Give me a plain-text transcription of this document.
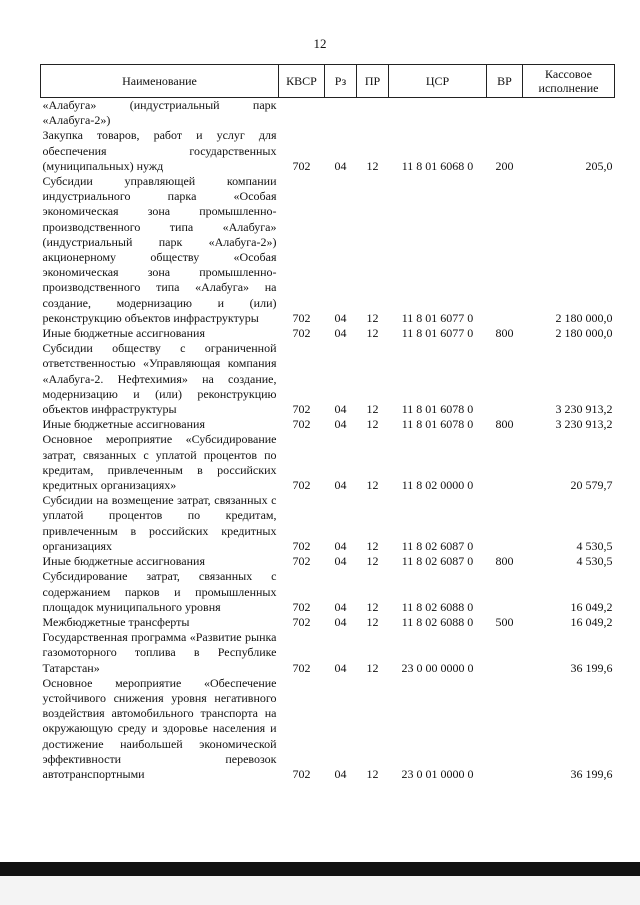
12
Наименование	КВСР	Рз	ПР	ЦСР	ВР	Кассовое исполнение
«Алабуга» (индустриальный парк «Алабуга-2»)						
Закупка товаров, работ и услуг для обеспечения государственных (муниципальных) нужд	702	04	12	11 8 01 6068 0	200	205,0
Субсидии управляющей компании индустриального парка «Особая экономическая зона промышленно-производственного типа «Алабуга» (индустриальный парк «Алабуга-2») акционерному обществу «Особая экономическая зона промышленно-производственного типа «Алабуга» на создание, модернизацию и (или) реконструкцию объектов инфраструктуры	702	04	12	11 8 01 6077 0		2 180 000,0
Иные бюджетные ассигнования	702	04	12	11 8 01 6077 0	800	2 180 000,0
Субсидии обществу с ограниченной ответственностью «Управляющая компания «Алабуга-2. Нефтехимия» на создание, модернизацию и (или) реконструкцию объектов инфраструктуры	702	04	12	11 8 01 6078 0		3 230 913,2
Иные бюджетные ассигнования	702	04	12	11 8 01 6078 0	800	3 230 913,2
Основное мероприятие «Субсидирование затрат, связанных с уплатой процентов по кредитам, привлеченным в российских кредитных организациях»	702	04	12	11 8 02 0000 0		20 579,7
Субсидии на возмещение затрат, связанных с уплатой процентов по кредитам, привлеченным в российских кредитных организациях	702	04	12	11 8 02 6087 0		4 530,5
Иные бюджетные ассигнования	702	04	12	11 8 02 6087 0	800	4 530,5
Субсидирование затрат, связанных с содержанием парков и промышленных площадок муниципального уровня	702	04	12	11 8 02 6088 0		16 049,2
Межбюджетные трансферты	702	04	12	11 8 02 6088 0	500	16 049,2
Государственная программа «Развитие рынка газомоторного топлива в Республике Татарстан»	702	04	12	23 0 00 0000 0		36 199,6
Основное мероприятие «Обеспечение устойчивого снижения уровня негативного воздействия автомобильного транспорта на окружающую среду и здоровье населения и достижение наибольшей экономической эффективности перевозок автотранспортными	702	04	12	23 0 01 0000 0		36 199,6
